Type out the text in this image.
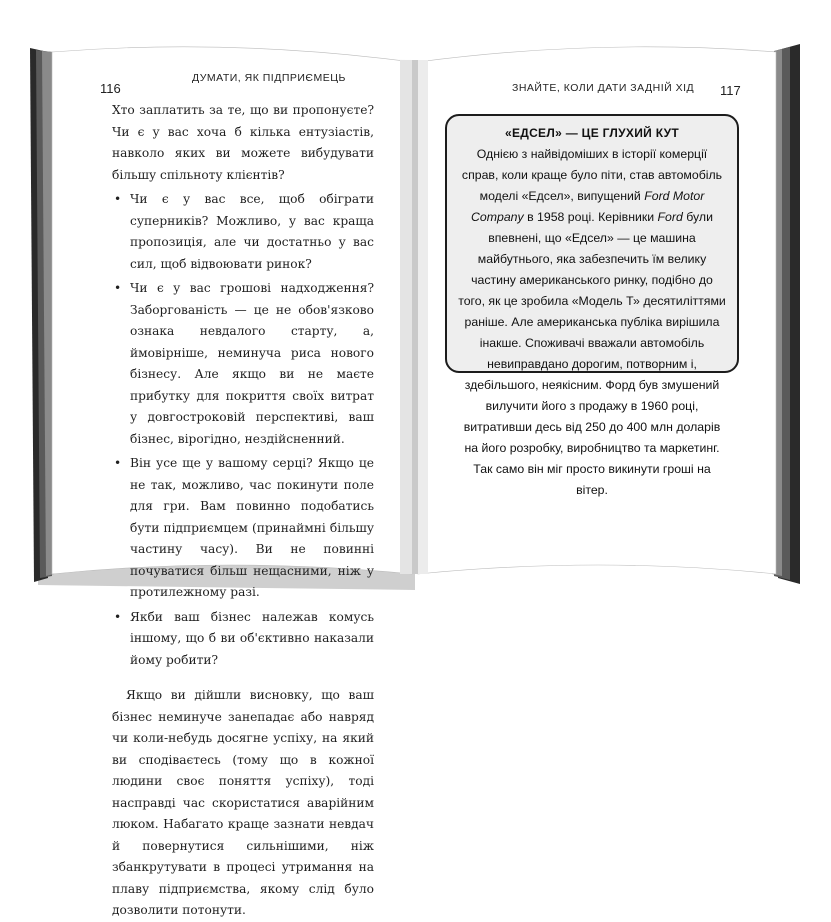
116
ДУМАТИ, ЯК ПІДПРИЄМЕЦЬ

Хто заплатить за те, що ви пропонуєте? Чи є у вас хоча б кілька ентузіастів, навколо яких ви можете вибудувати більшу спільноту клієнтів?

• Чи є у вас все, щоб обіграти суперників? Можливо, у вас краща пропозиція, але чи достатньо у вас сил, щоб відвоювати ринок?
• Чи є у вас грошові надходження? Заборгованість — це не обов'язково ознака невдалого старту, а, ймовірніше, неминуча риса нового бізнесу. Але якщо ви не маєте прибутку для покриття своїх витрат у довгостроковій перспективі, ваш бізнес, вірогідно, нездійсненний.
• Він усе ще у вашому серці? Якщо це не так, можливо, час покинути поле для гри. Вам повинно подобатись бути підприємцем (принаймні більшу частину часу). Ви не повинні почуватися більш нещасними, ніж у протилежному разі.
• Якби ваш бізнес належав комусь іншому, що б ви об'єктивно наказали йому робити?

Якщо ви дійшли висновку, що ваш бізнес неминуче занепадає або навряд чи коли-небудь досягне успіху, на який ви сподіваєтесь (тому що в кожної людини своє поняття успіху), тоді насправді час скористатися аварійним люком. Набагато краще зазнати невдач й повернутися сильнішими, ніж збанкрутувати в процесі утримання на плаву підприємства, якому слід було дозволити потонути.

ЗНАЙТЕ, КОЛИ ДАТИ ЗАДНІЙ ХІД 117
«ЕДСЕЛ» — ЦЕ ГЛУХИЙ КУТ
Однією з найвідоміших в історії комерції справ, коли краще було піти, став автомобіль моделі «Едсел», випущений Ford Motor Company в 1958 році. Керівники Ford були впевнені, що «Едсел» — це машина майбутнього, яка забезпечить їм велику частину американського ринку, подібно до того, як це зробила «Модель Т» десятиліттями раніше. Але американська публіка вирішила інакше. Споживачі вважали автомобіль невиправдано дорогим, потворним і, здебільшого, неякісним. Форд був змушений вилучити його з продажу в 1960 році, витративши десь від 250 до 400 млн доларів на його розробку, виробництво та маркетинг. Так само він міг просто викинути гроші на вітер.
